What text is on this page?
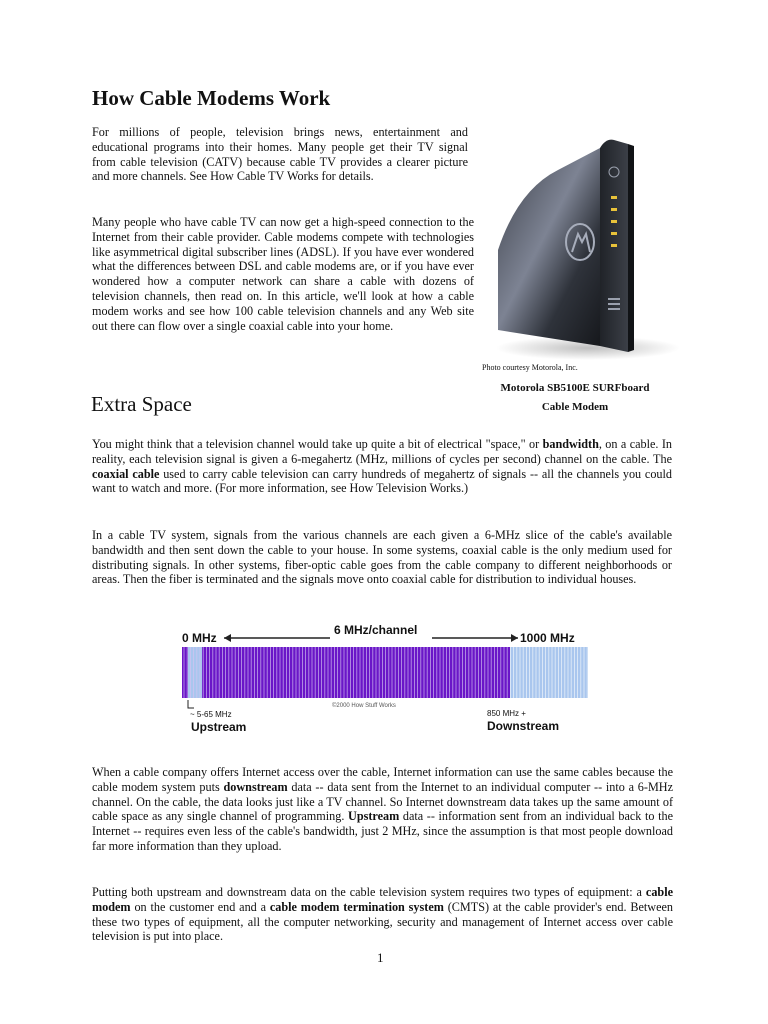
How Cable Modems Work

For millions of people, television brings news, entertainment and educational programs into their homes. Many people get their TV signal from cable television (CATV) because cable TV provides a clearer picture and more channels. See How Cable TV Works for details.

Many people who have cable TV can now get a high-speed connection to the Internet from their cable provider. Cable modems compete with technologies like asymmetrical digital subscriber lines (ADSL). If you have ever wondered what the differences between DSL and cable modems are, or if you have ever wondered how a computer network can share a cable with dozens of television channels, then read on. In this article, we'll look at how a cable modem works and see how 100 cable television channels and any Web site out there can flow over a single coaxial cable into your home.

Photo courtesy Motorola, Inc.
Motorola SB5100E SURFboard
Cable Modem
Extra Space

You might think that a television channel would take up quite a bit of electrical "space," or bandwidth, on a cable. In reality, each television signal is given a 6-megahertz (MHz, millions of cycles per second) channel on the cable. The coaxial cable used to carry cable television can carry hundreds of megahertz of signals -- all the channels you could want to watch and more. (For more information, see How Television Works.)

In a cable TV system, signals from the various channels are each given a 6-MHz slice of the cable's available bandwidth and then sent down the cable to your house. In some systems, coaxial cable is the only medium used for distributing signals. In other systems, fiber-optic cable goes from the cable company to different neighborhoods or areas. Then the fiber is terminated and the signals move onto coaxial cable for distribution to individual houses.

0 MHz
6 MHz/channel
1000 MHz
©2000 How Stuff Works
~ 5-65 MHz
Upstream
850 MHz +
Downstream

When a cable company offers Internet access over the cable, Internet information can use the same cables because the cable modem system puts downstream data -- data sent from the Internet to an individual computer -- into a 6-MHz channel. On the cable, the data looks just like a TV channel. So Internet downstream data takes up the same amount of cable space as any single channel of programming. Upstream data -- information sent from an individual back to the Internet -- requires even less of the cable's bandwidth, just 2 MHz, since the assumption is that most people download far more information than they upload.

Putting both upstream and downstream data on the cable television system requires two types of equipment: a cable modem on the customer end and a cable modem termination system (CMTS) at the cable provider's end. Between these two types of equipment, all the computer networking, security and management of Internet access over cable television is put into place.

1
